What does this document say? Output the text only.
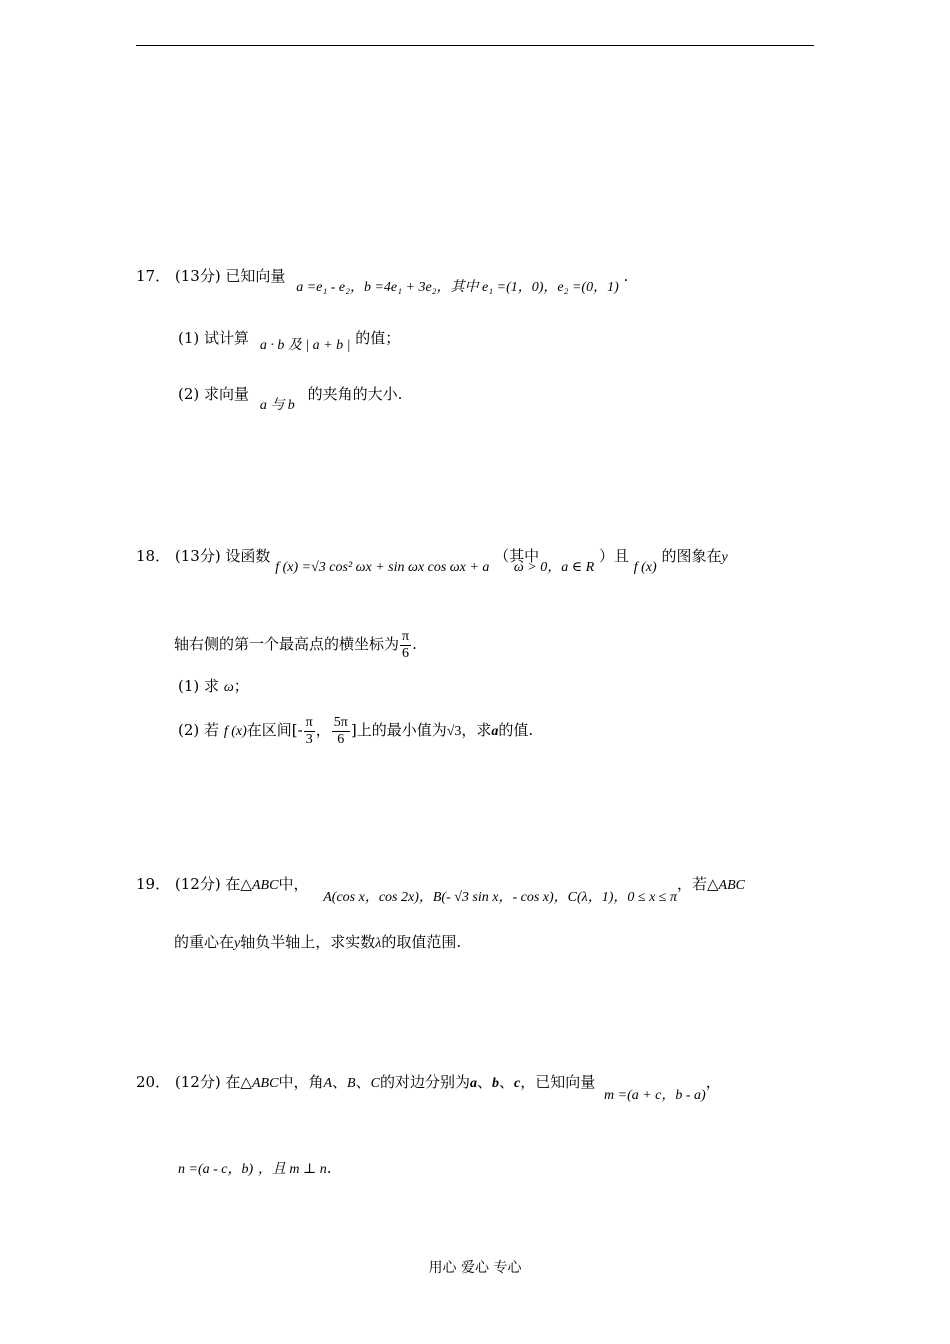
17． (13分) 已知向量 a =e₁ - e₂，b =4e₁ + 3e₂，其中 e₁ =(1，0)，e₂ =(0，1) .
(1) 试计算 a · b 及 | a + b | 的值；
(2) 求向量 a 与 b 的夹角的大小.
18． (13分) 设函数 f (x) =√3 cos² ωx + sin ωx cos ωx + a （其中 ω > 0，a ∈ R ）且 f (x) 的图象在y
轴右侧的第一个最高点的横坐标为 $\frac{\pi}{6}$ .
(1) 求 ω；
(2) 若 f (x)在区间[- $\frac{\pi}{3}$ ， $\frac{5\pi}{6}$ ]上的最小值为√3，求a的值.
19． (12分) 在△ABC中， A(cos x，cos 2x)，B(- √3 sin x，- cos x)，C(λ，1)，0 ≤ x ≤ π，若△ABC
的重心在y轴负半轴上，求实数λ的取值范围.
20． (12分) 在△ABC中，角A、B、C的对边分别为a、b、c，已知向量 m =(a + c，b - a)，
n =(a - c，b) ，且 m ⊥ n.
用心 爱心 专心
